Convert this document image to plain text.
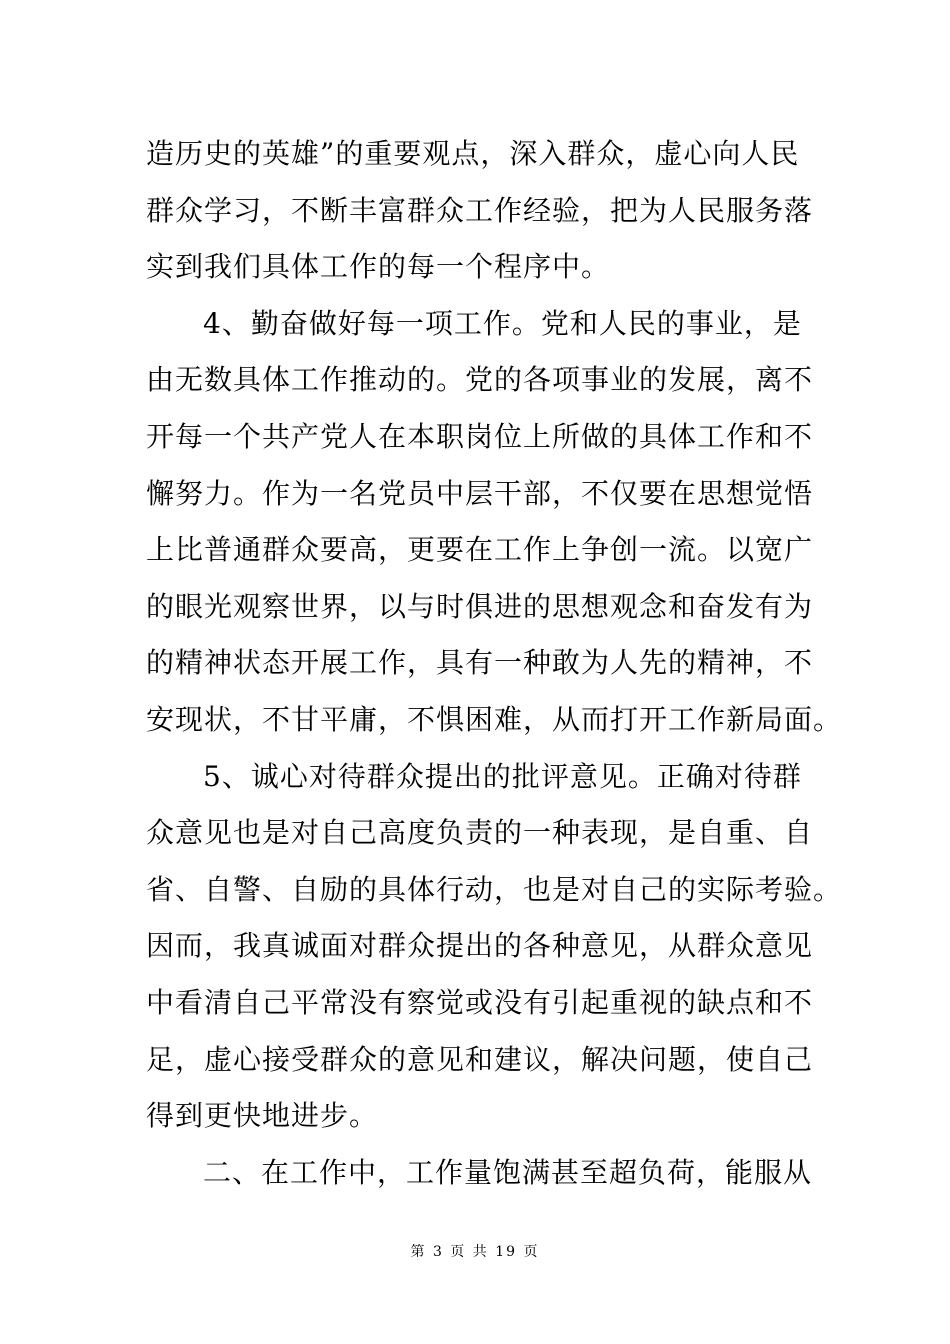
造历史的英雄”的重要观点，深入群众，虚心向人民
群众学习，不断丰富群众工作经验，把为人民服务落
实到我们具体工作的每一个程序中。
4、勤奋做好每一项工作。党和人民的事业，是
由无数具体工作推动的。党的各项事业的发展，离不
开每一个共产党人在本职岗位上所做的具体工作和不
懈努力。作为一名党员中层干部，不仅要在思想觉悟
上比普通群众要高，更要在工作上争创一流。以宽广
的眼光观察世界，以与时俱进的思想观念和奋发有为
的精神状态开展工作，具有一种敢为人先的精神，不
安现状，不甘平庸，不惧困难，从而打开工作新局面。
5、诚心对待群众提出的批评意见。正确对待群
众意见也是对自己高度负责的一种表现，是自重、自
省、自警、自励的具体行动，也是对自己的实际考验。
因而，我真诚面对群众提出的各种意见，从群众意见
中看清自己平常没有察觉或没有引起重视的缺点和不
足，虚心接受群众的意见和建议，解决问题，使自己
得到更快地进步。
二、在工作中，工作量饱满甚至超负荷，能服从
第 3 页 共 19 页
